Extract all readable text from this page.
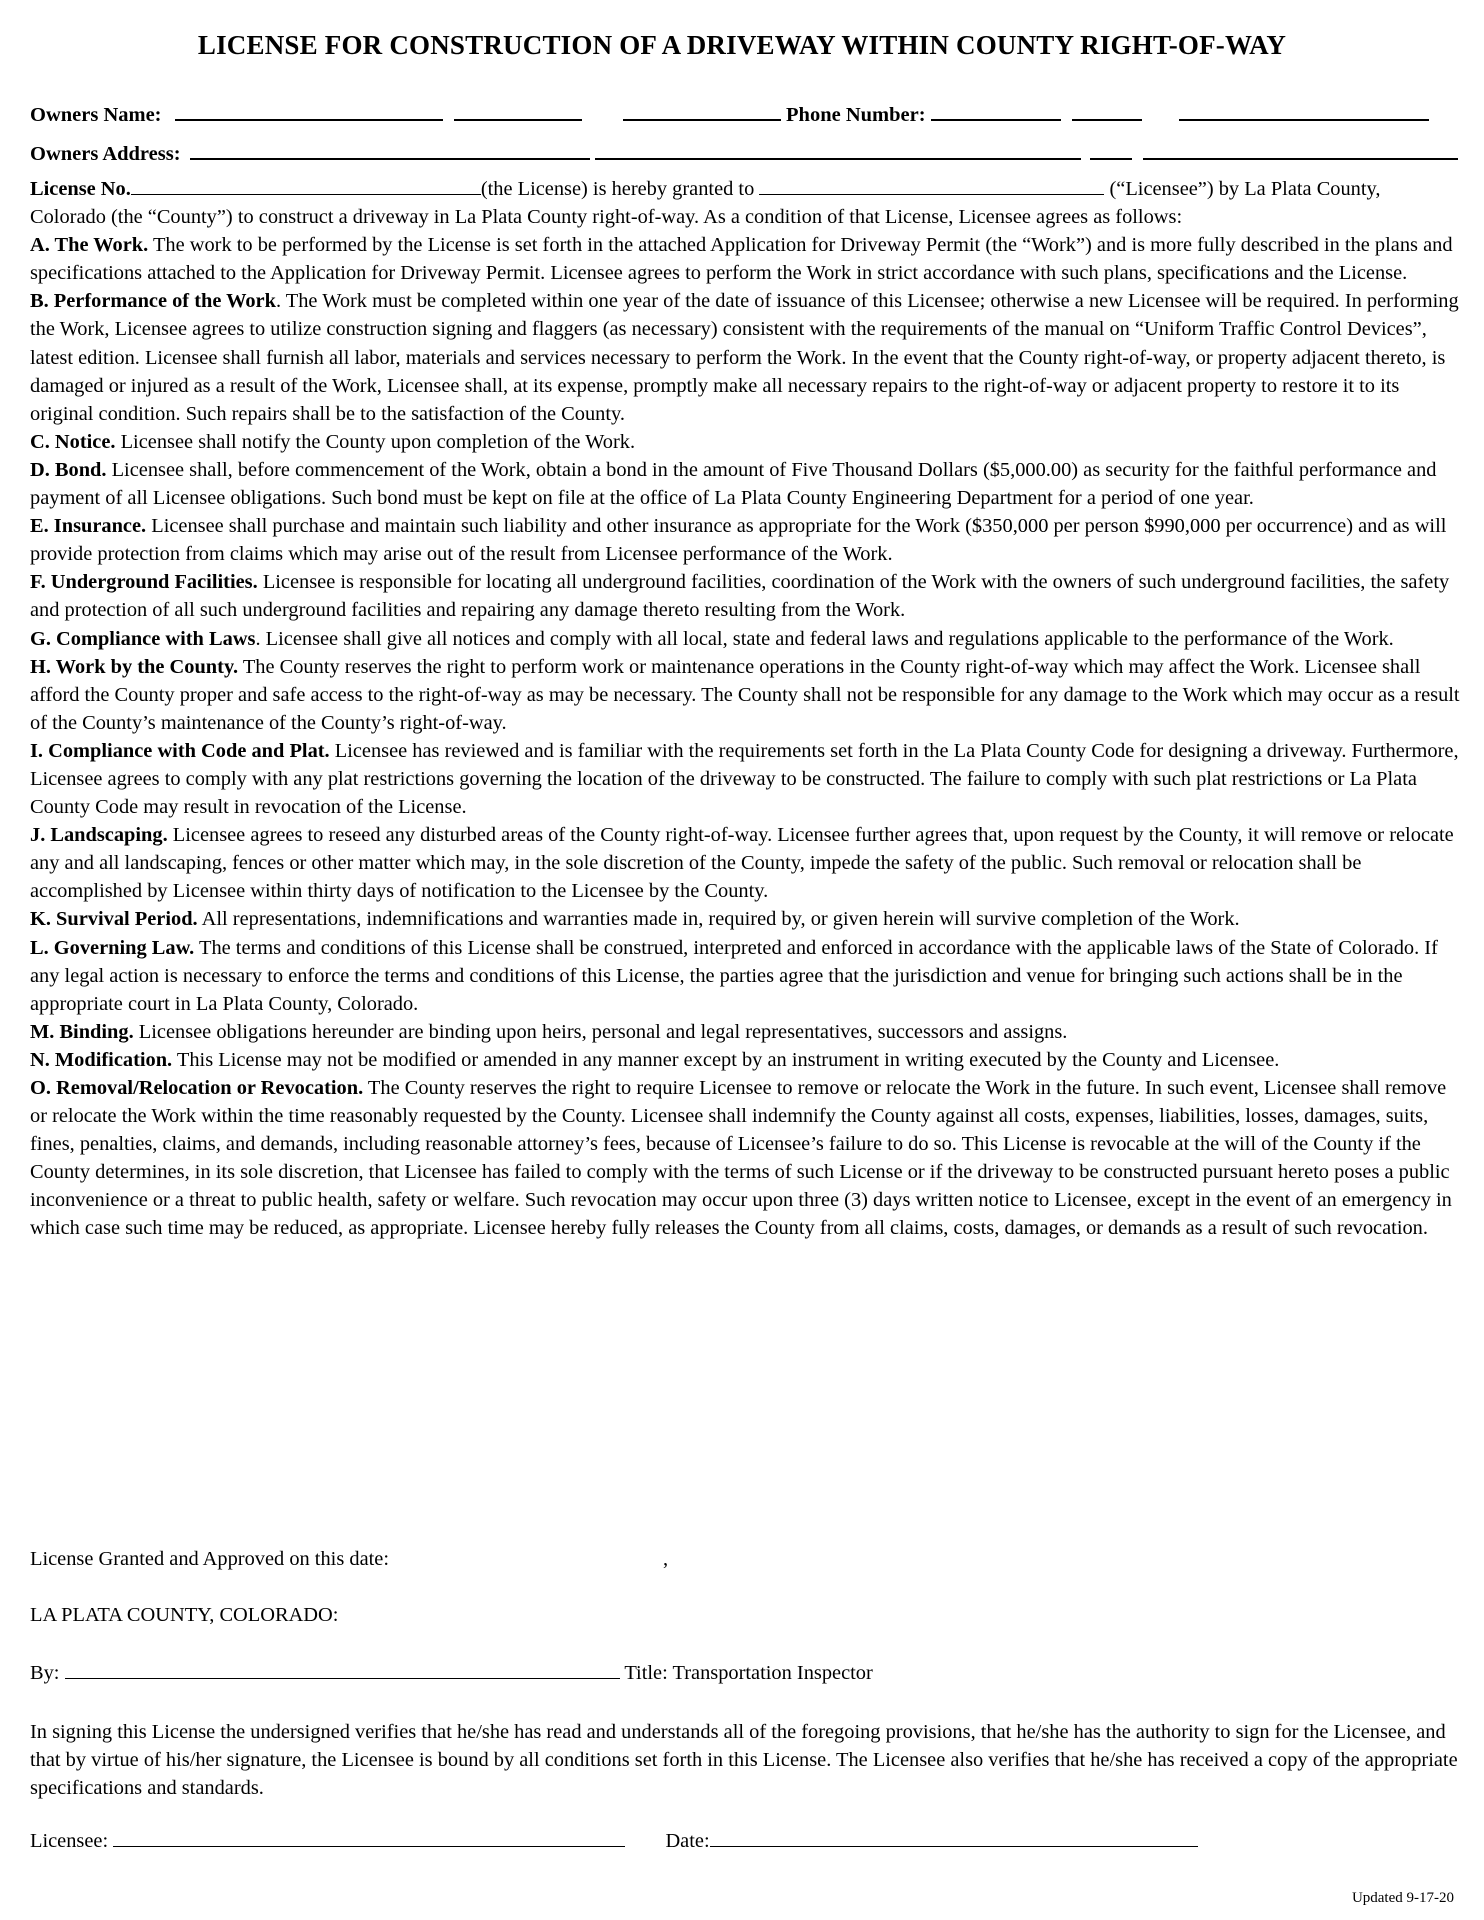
LICENSE FOR CONSTRUCTION OF A DRIVEWAY WITHIN COUNTY RIGHT-OF-WAY
Owners Name:	Phone Number:
Owners Address:

License No.	(the License) is hereby granted to	(“Licensee”) by La Plata County, Colorado (the “County”) to construct a driveway in La Plata County right-of-way. As a condition of that License, Licensee agrees as follows:

A. The Work. The work to be performed by the License is set forth in the attached Application for Driveway Permit (the “Work”) and is more fully described in the plans and specifications attached to the Application for Driveway Permit. Licensee agrees to perform the Work in strict accordance with such plans, specifications and the License.

B. Performance of the Work. The Work must be completed within one year of the date of issuance of this Licensee; otherwise a new Licensee will be required. In performing the Work, Licensee agrees to utilize construction signing and flaggers (as necessary) consistent with the requirements of the manual on “Uniform Traffic Control Devices”, latest edition. Licensee shall furnish all labor, materials and services necessary to perform the Work. In the event that the County right-of-way, or property adjacent thereto, is damaged or injured as a result of the Work, Licensee shall, at its expense, promptly make all necessary repairs to the right-of-way or adjacent property to restore it to its original condition. Such repairs shall be to the satisfaction of the County.

C. Notice. Licensee shall notify the County upon completion of the Work.

D. Bond. Licensee shall, before commencement of the Work, obtain a bond in the amount of Five Thousand Dollars ($5,000.00) as security for the faithful performance and payment of all Licensee obligations. Such bond must be kept on file at the office of La Plata County Engineering Department for a period of one year.

E. Insurance. Licensee shall purchase and maintain such liability and other insurance as appropriate for the Work ($350,000 per person $990,000 per occurrence) and as will provide protection from claims which may arise out of the result from Licensee performance of the Work.

F. Underground Facilities. Licensee is responsible for locating all underground facilities, coordination of the Work with the owners of such underground facilities, the safety and protection of all such underground facilities and repairing any damage thereto resulting from the Work.

G. Compliance with Laws. Licensee shall give all notices and comply with all local, state and federal laws and regulations applicable to the performance of the Work.

H. Work by the County. The County reserves the right to perform work or maintenance operations in the County right-of-way which may affect the Work. Licensee shall afford the County proper and safe access to the right-of-way as may be necessary. The County shall not be responsible for any damage to the Work which may occur as a result of the County’s maintenance of the County’s right-of-way.

I. Compliance with Code and Plat. Licensee has reviewed and is familiar with the requirements set forth in the La Plata County Code for designing a driveway. Furthermore, Licensee agrees to comply with any plat restrictions governing the location of the driveway to be constructed. The failure to comply with such plat restrictions or La Plata County Code may result in revocation of the License.

J. Landscaping. Licensee agrees to reseed any disturbed areas of the County right-of-way. Licensee further agrees that, upon request by the County, it will remove or relocate any and all landscaping, fences or other matter which may, in the sole discretion of the County, impede the safety of the public. Such removal or relocation shall be accomplished by Licensee within thirty days of notification to the Licensee by the County.

K. Survival Period. All representations, indemnifications and warranties made in, required by, or given herein will survive completion of the Work.

L. Governing Law. The terms and conditions of this License shall be construed, interpreted and enforced in accordance with the applicable laws of the State of Colorado. If any legal action is necessary to enforce the terms and conditions of this License, the parties agree that the jurisdiction and venue for bringing such actions shall be in the appropriate court in La Plata County, Colorado.

M. Binding. Licensee obligations hereunder are binding upon heirs, personal and legal representatives, successors and assigns.

N. Modification. This License may not be modified or amended in any manner except by an instrument in writing executed by the County and Licensee.

O. Removal/Relocation or Revocation. The County reserves the right to require Licensee to remove or relocate the Work in the future. In such event, Licensee shall remove or relocate the Work within the time reasonably requested by the County. Licensee shall indemnify the County against all costs, expenses, liabilities, losses, damages, suits, fines, penalties, claims, and demands, including reasonable attorney’s fees, because of Licensee’s failure to do so. This License is revocable at the will of the County if the County determines, in its sole discretion, that Licensee has failed to comply with the terms of such License or if the driveway to be constructed pursuant hereto poses a public inconvenience or a threat to public health, safety or welfare. Such revocation may occur upon three (3) days written notice to Licensee, except in the event of an emergency in which case such time may be reduced, as appropriate. Licensee hereby fully releases the County from all claims, costs, damages, or demands as a result of such revocation.

License Granted and Approved on this date:	,
LA PLATA COUNTY, COLORADO:
By:	Title: Transportation Inspector
In signing this License the undersigned verifies that he/she has read and understands all of the foregoing provisions, that he/she has the authority to sign for the Licensee, and that by virtue of his/her signature, the Licensee is bound by all conditions set forth in this License. The Licensee also verifies that he/she has received a copy of the appropriate specifications and standards.
Licensee:	Date:
Updated 9-17-20
